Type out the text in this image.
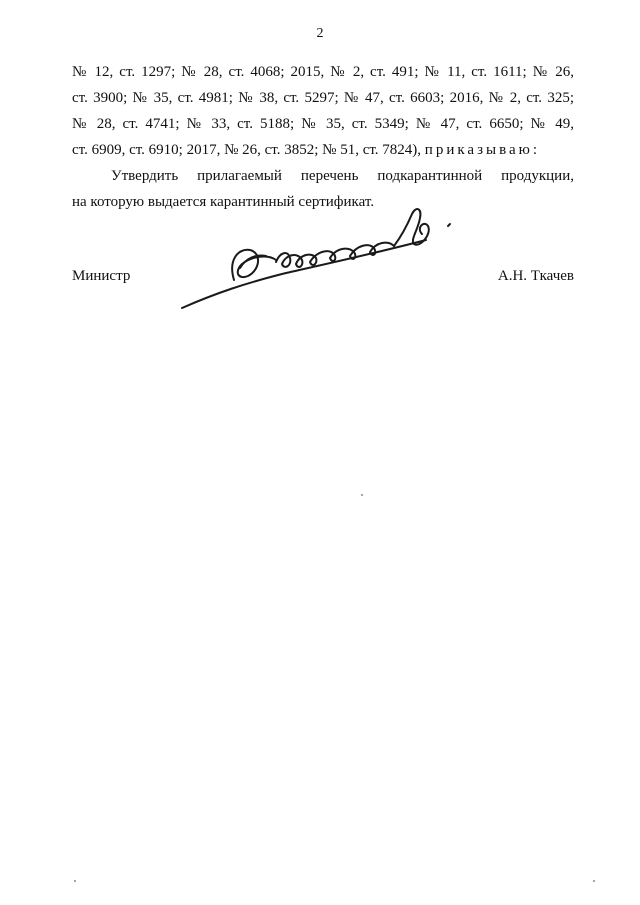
2
№ 12, ст. 1297; № 28, ст. 4068; 2015, № 2, ст. 491; № 11, ст. 1611; № 26,
ст. 3900; № 35, ст. 4981; № 38, ст. 5297; № 47, ст. 6603; 2016, № 2, ст. 325;
№ 28, ст. 4741; № 33, ст. 5188; № 35, ст. 5349; № 47, ст. 6650; № 49,
ст. 6909, ст. 6910; 2017, № 26, ст. 3852; № 51, ст. 7824), приказываю:
Утвердить прилагаемый перечень подкарантинной продукции,
на которую выдается карантинный сертификат.
Министр	А.Н. Ткачев
